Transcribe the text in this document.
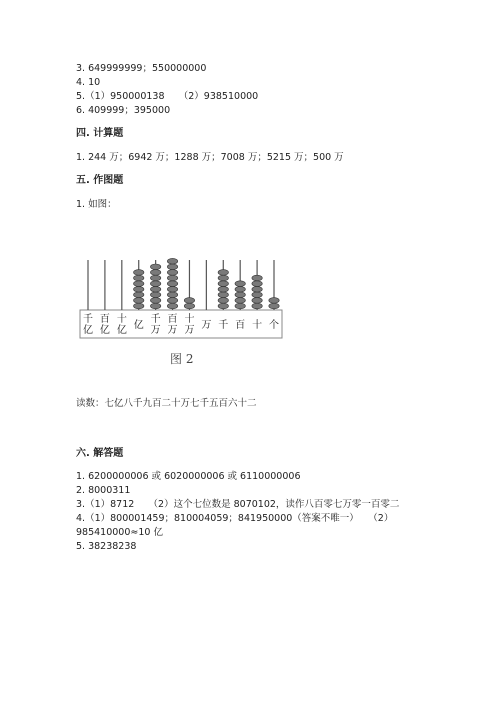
3. 649999999；550000000
4. 10
5.（1）950000138　　（2）938510000
6. 409999；395000
四. 计算题
1. 244 万；6942 万；1288 万；7008 万；5215 万；500 万
五. 作图题
1. 如图：
千
亿
百
亿
十
亿 亿
千
万
百
万
十
万 万 千 百 十 个
图 2
读数：七亿八千九百二十万七千五百六十二
六. 解答题
1. 6200000006 或 6020000006 或 6110000006
2. 8000311
3.（1）8712　　（2）这个七位数是 8070102，读作八百零七万零一百零二
4.（1）800001459；810004059；841950000（答案不唯一）　　（2）
985410000≈10 亿
5. 38238238
